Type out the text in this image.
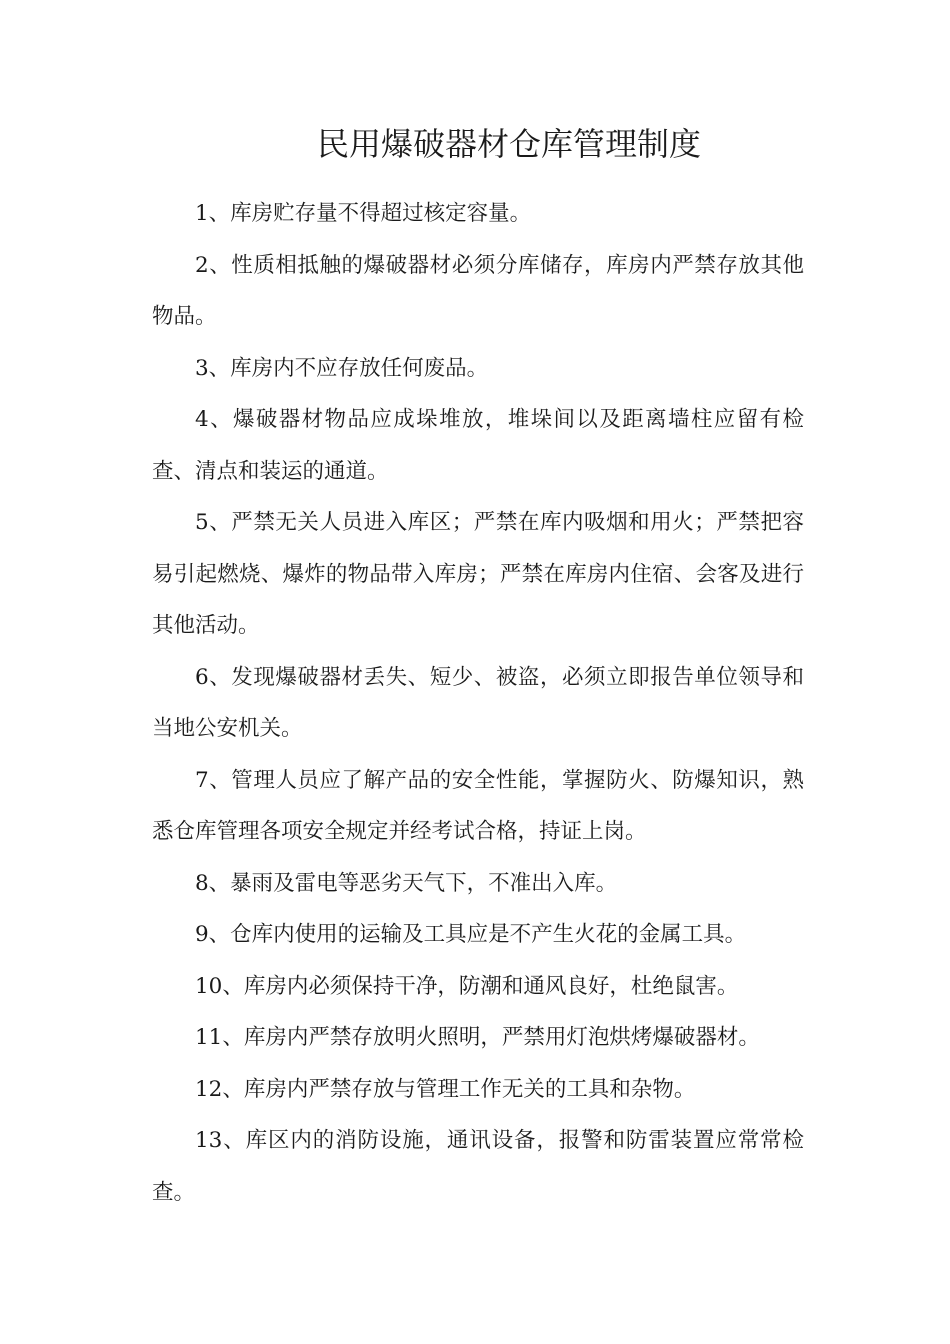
民用爆破器材仓库管理制度

1、库房贮存量不得超过核定容量。

2、性质相抵触的爆破器材必须分库储存，库房内严禁存放其他物品。

3、库房内不应存放任何废品。

4、爆破器材物品应成垛堆放，堆垛间以及距离墙柱应留有检查、清点和装运的通道。

5、严禁无关人员进入库区；严禁在库内吸烟和用火；严禁把容易引起燃烧、爆炸的物品带入库房；严禁在库房内住宿、会客及进行其他活动。

6、发现爆破器材丢失、短少、被盗，必须立即报告单位领导和当地公安机关。

7、管理人员应了解产品的安全性能，掌握防火、防爆知识，熟悉仓库管理各项安全规定并经考试合格，持证上岗。

8、暴雨及雷电等恶劣天气下，不准出入库。

9、仓库内使用的运输及工具应是不产生火花的金属工具。

10、库房内必须保持干净，防潮和通风良好，杜绝鼠害。

11、库房内严禁存放明火照明，严禁用灯泡烘烤爆破器材。

12、库房内严禁存放与管理工作无关的工具和杂物。

13、库区内的消防设施，通讯设备，报警和防雷装置应常常检查。
